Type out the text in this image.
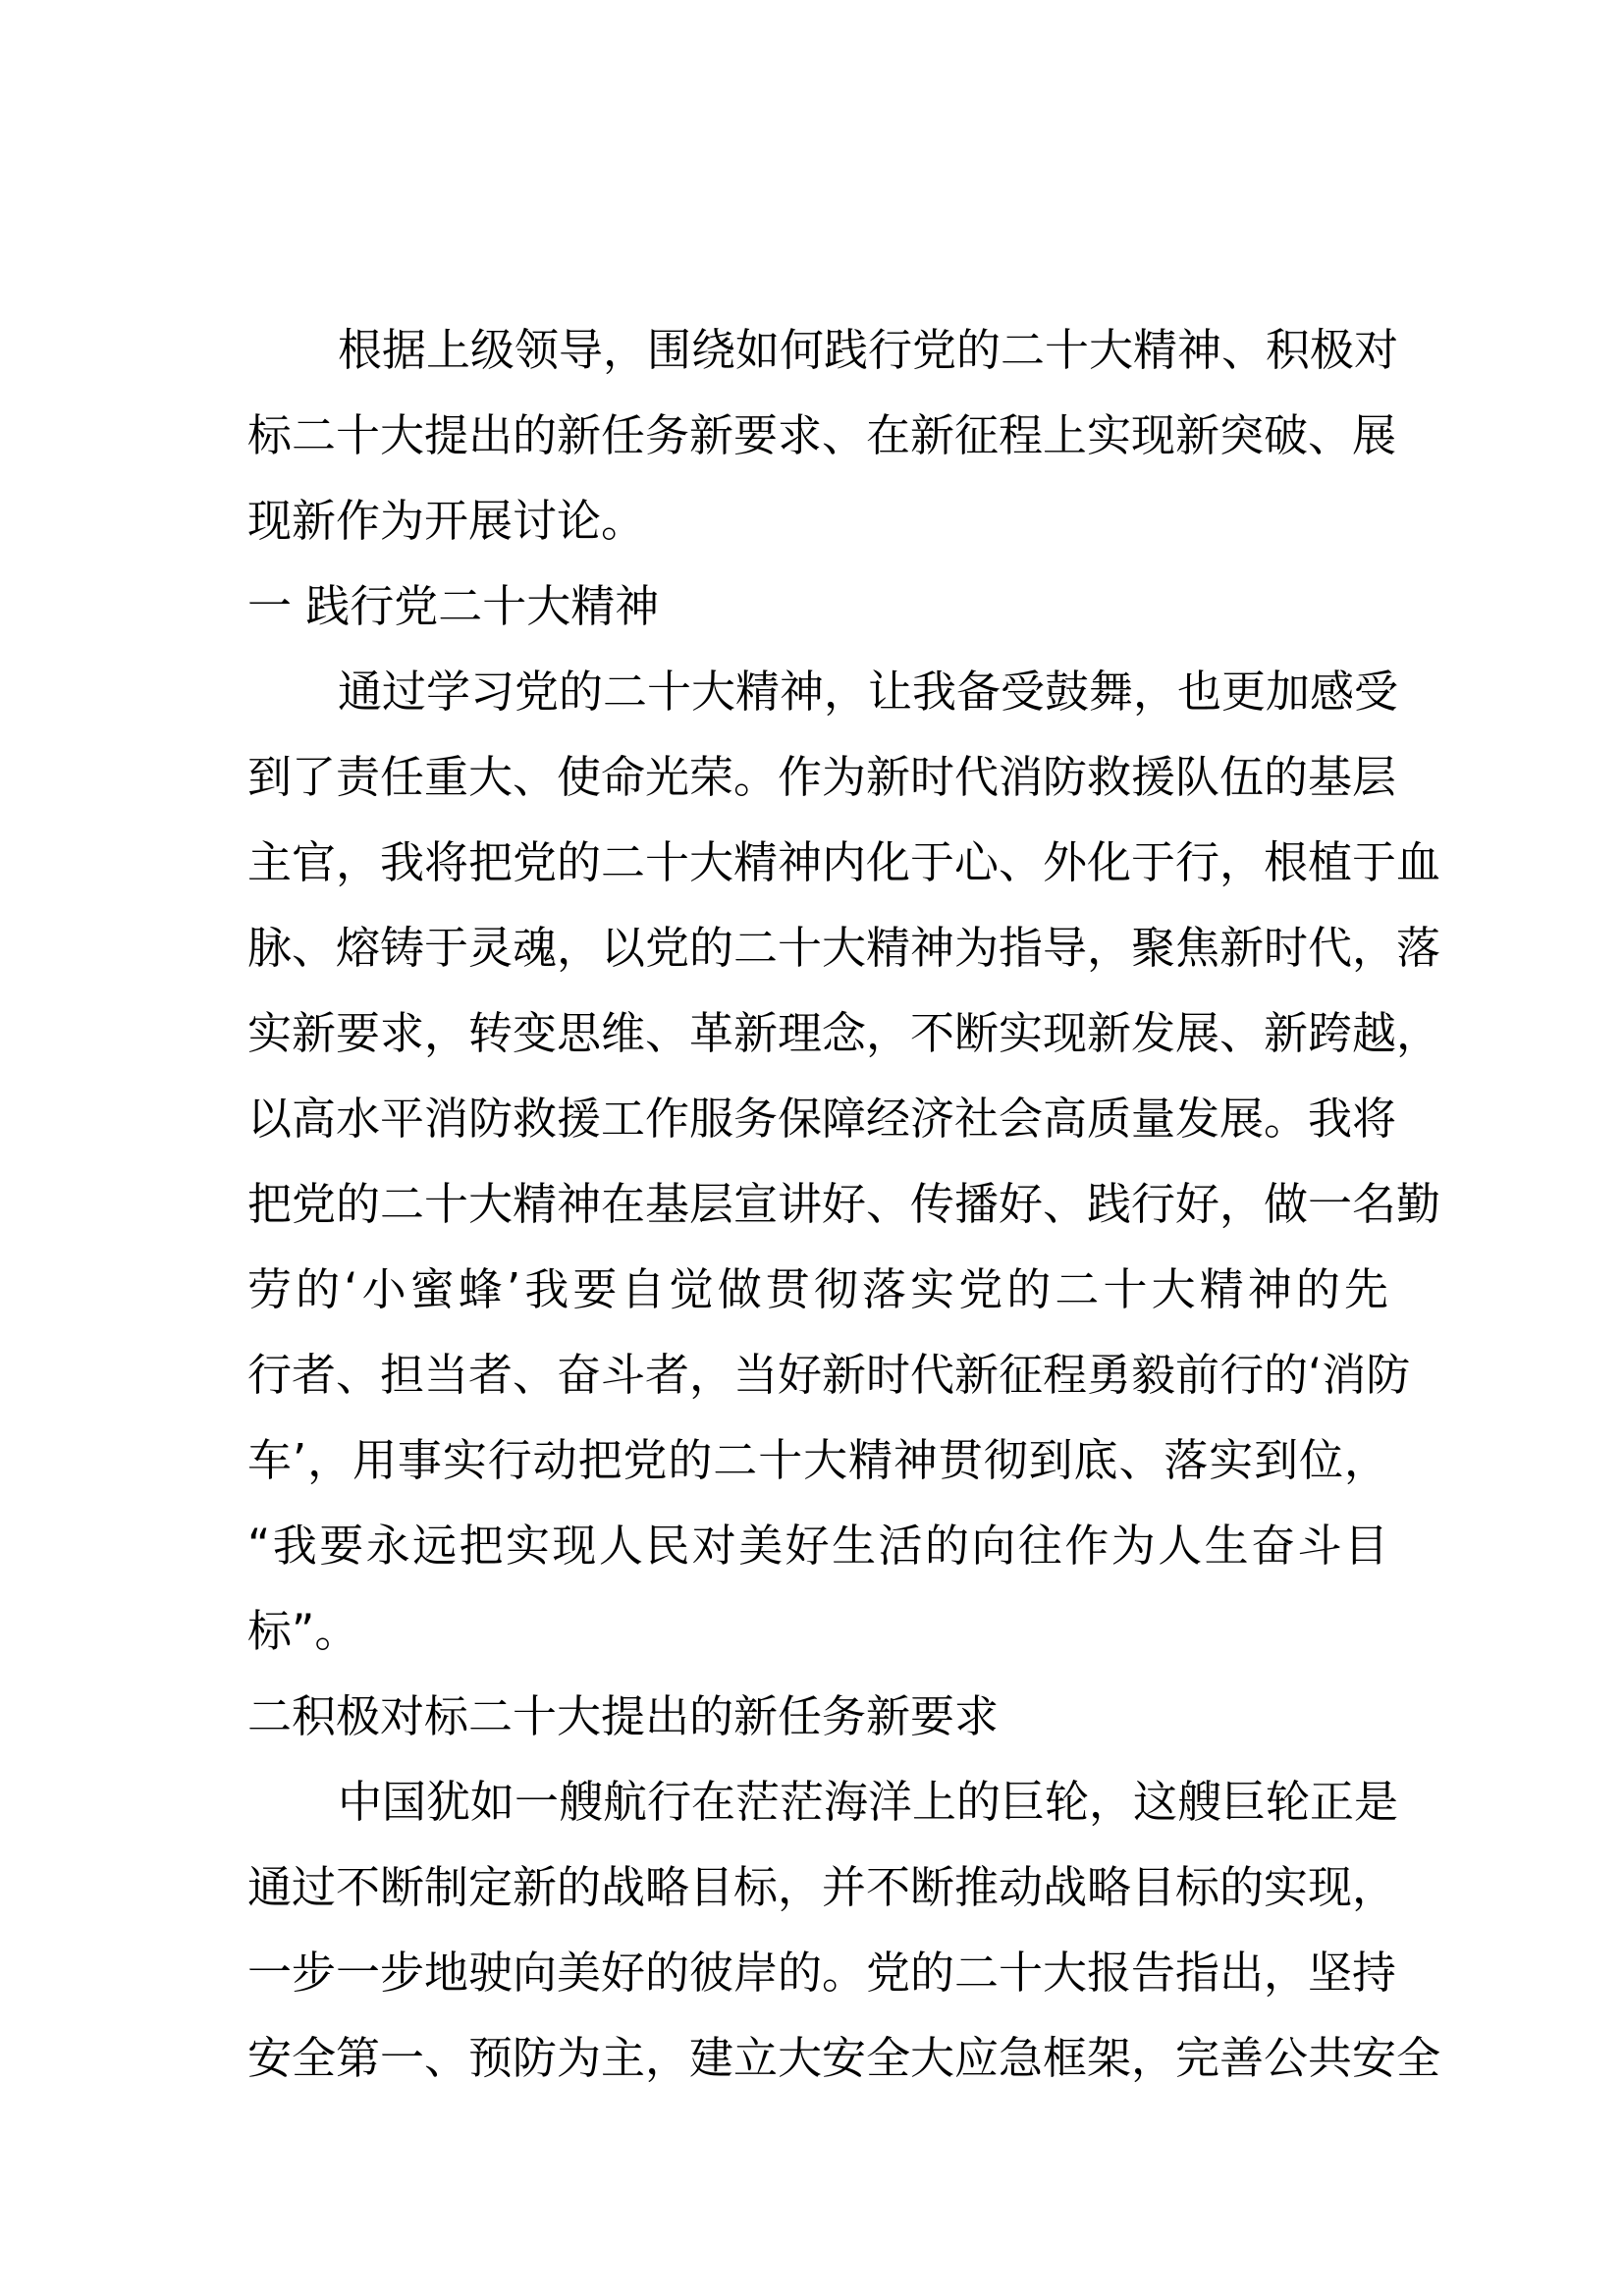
根据上级领导，围绕如何践行党的二十大精神、积极对
标二十大提出的新任务新要求、在新征程上实现新突破、展
现新作为开展讨论。
一 践行党二十大精神
通过学习党的二十大精神，让我备受鼓舞，也更加感受
到了责任重大、使命光荣。作为新时代消防救援队伍的基层
主官，我将把党的二十大精神内化于心、外化于行，根植于血
脉、熔铸于灵魂，以党的二十大精神为指导，聚焦新时代，落
实新要求，转变思维、革新理念，不断实现新发展、新跨越，
以高水平消防救援工作服务保障经济社会高质量发展。我将
把党的二十大精神在基层宣讲好、传播好、践行好，做一名勤
劳的‘小蜜蜂’我要自觉做贯彻落实党的二十大精神的先
行者、担当者、奋斗者，当好新时代新征程勇毅前行的‘消防
车’，用事实行动把党的二十大精神贯彻到底、落实到位，
“我要永远把实现人民对美好生活的向往作为人生奋斗目
标”。
二积极对标二十大提出的新任务新要求
中国犹如一艘航行在茫茫海洋上的巨轮，这艘巨轮正是
通过不断制定新的战略目标，并不断推动战略目标的实现，
一步一步地驶向美好的彼岸的。党的二十大报告指出，坚持
安全第一、预防为主，建立大安全大应急框架，完善公共安全
